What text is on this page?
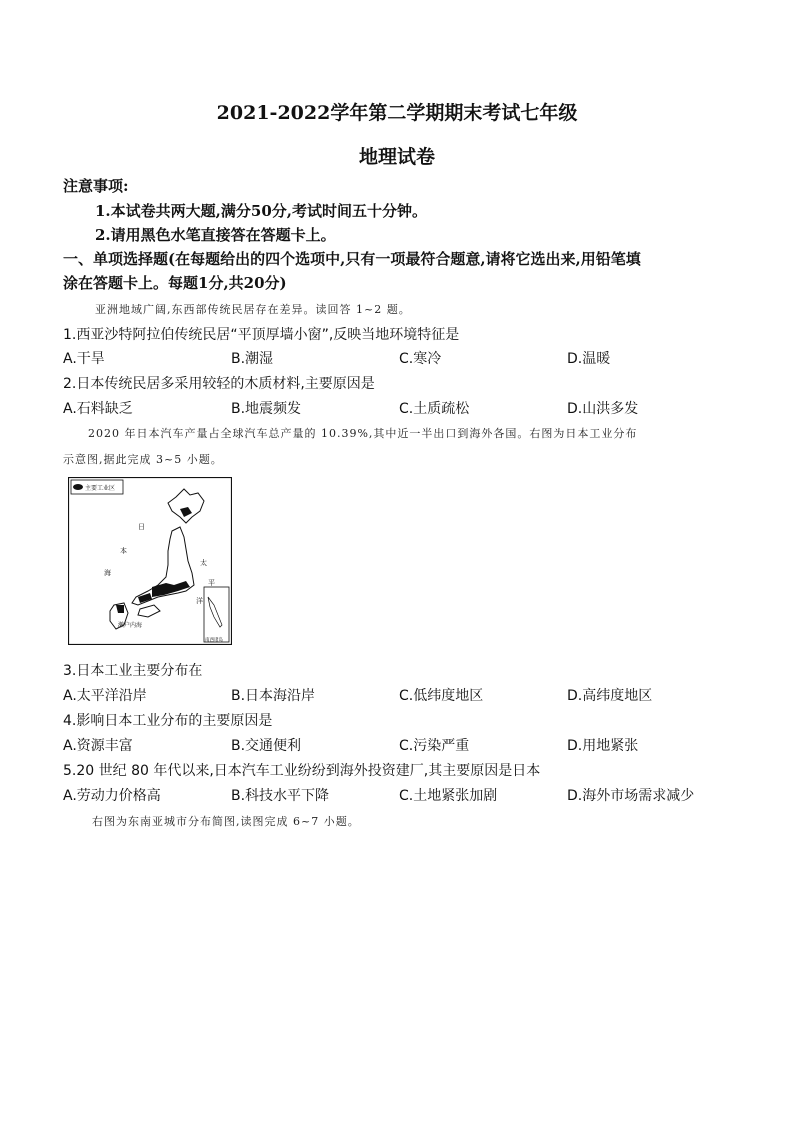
2021-2022学年第二学期期末考试七年级
地理试卷
注意事项:
1.本试卷共两大题,满分50分,考试时间五十分钟。
2.请用黑色水笔直接答在答题卡上。
一、单项选择题(在每题给出的四个选项中,只有一项最符合题意,请将它选出来,用铅笔填
涂在答题卡上。每题1分,共20分)
亚洲地域广阔,东西部传统民居存在差异。读回答 1~2 题。
1.西亚沙特阿拉伯传统民居“平顶厚墙小窗”,反映当地环境特征是
A.干旱	B.潮湿	C.寒冷	D.温暖
2.日本传统民居多采用较轻的木质材料,主要原因是
A.石料缺乏	B.地震频发	C.土质疏松	D.山洪多发
2020 年日本汽车产量占全球汽车总产量的 10.39%,其中近一半出口到海外各国。右图为日本工业分布
示意图,据此完成 3~5 小题。
主要工业区
南西诸岛
日
本
海
太
平
洋
濑户内海
3.日本工业主要分布在
A.太平洋沿岸	B.日本海沿岸	C.低纬度地区	D.高纬度地区
4.影响日本工业分布的主要原因是
A.资源丰富	B.交通便利	C.污染严重	D.用地紧张
5.20 世纪 80 年代以来,日本汽车工业纷纷到海外投资建厂,其主要原因是日本
A.劳动力价格高	B.科技水平下降	C.土地紧张加剧	D.海外市场需求减少
右图为东南亚城市分布简图,读图完成 6~7 小题。
